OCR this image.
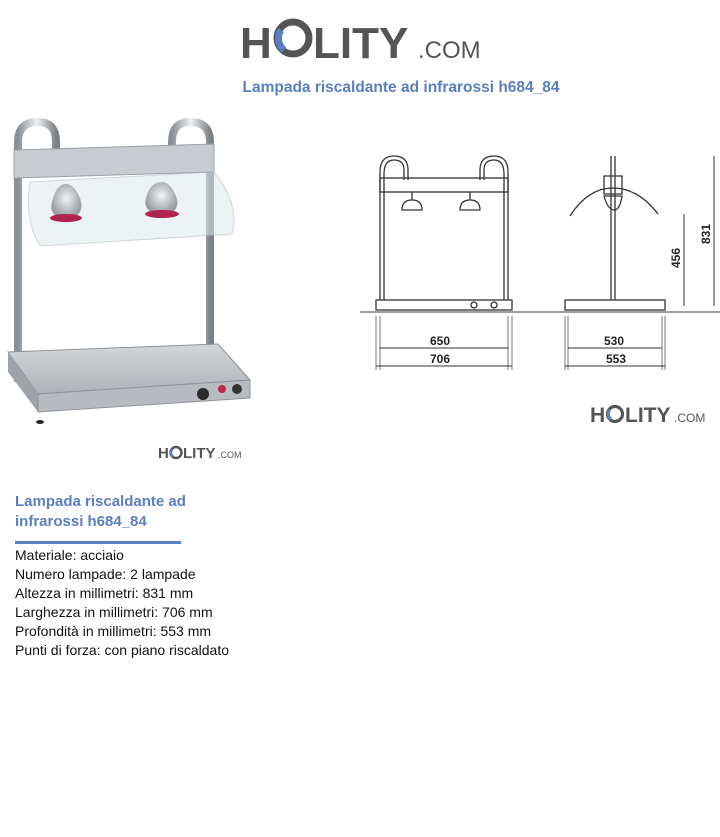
H LITY .COM
Lampada riscaldante ad infrarossi h684_84
H LITY .COM
650
706
530
553
456
831
H LITY .COM
Lampada riscaldante ad infrarossi h684_84
Materiale: acciaio
Numero lampade: 2 lampade
Altezza in millimetri: 831 mm
Larghezza in millimetri: 706 mm
Profondità in millimetri: 553 mm
Punti di forza: con piano riscaldato
